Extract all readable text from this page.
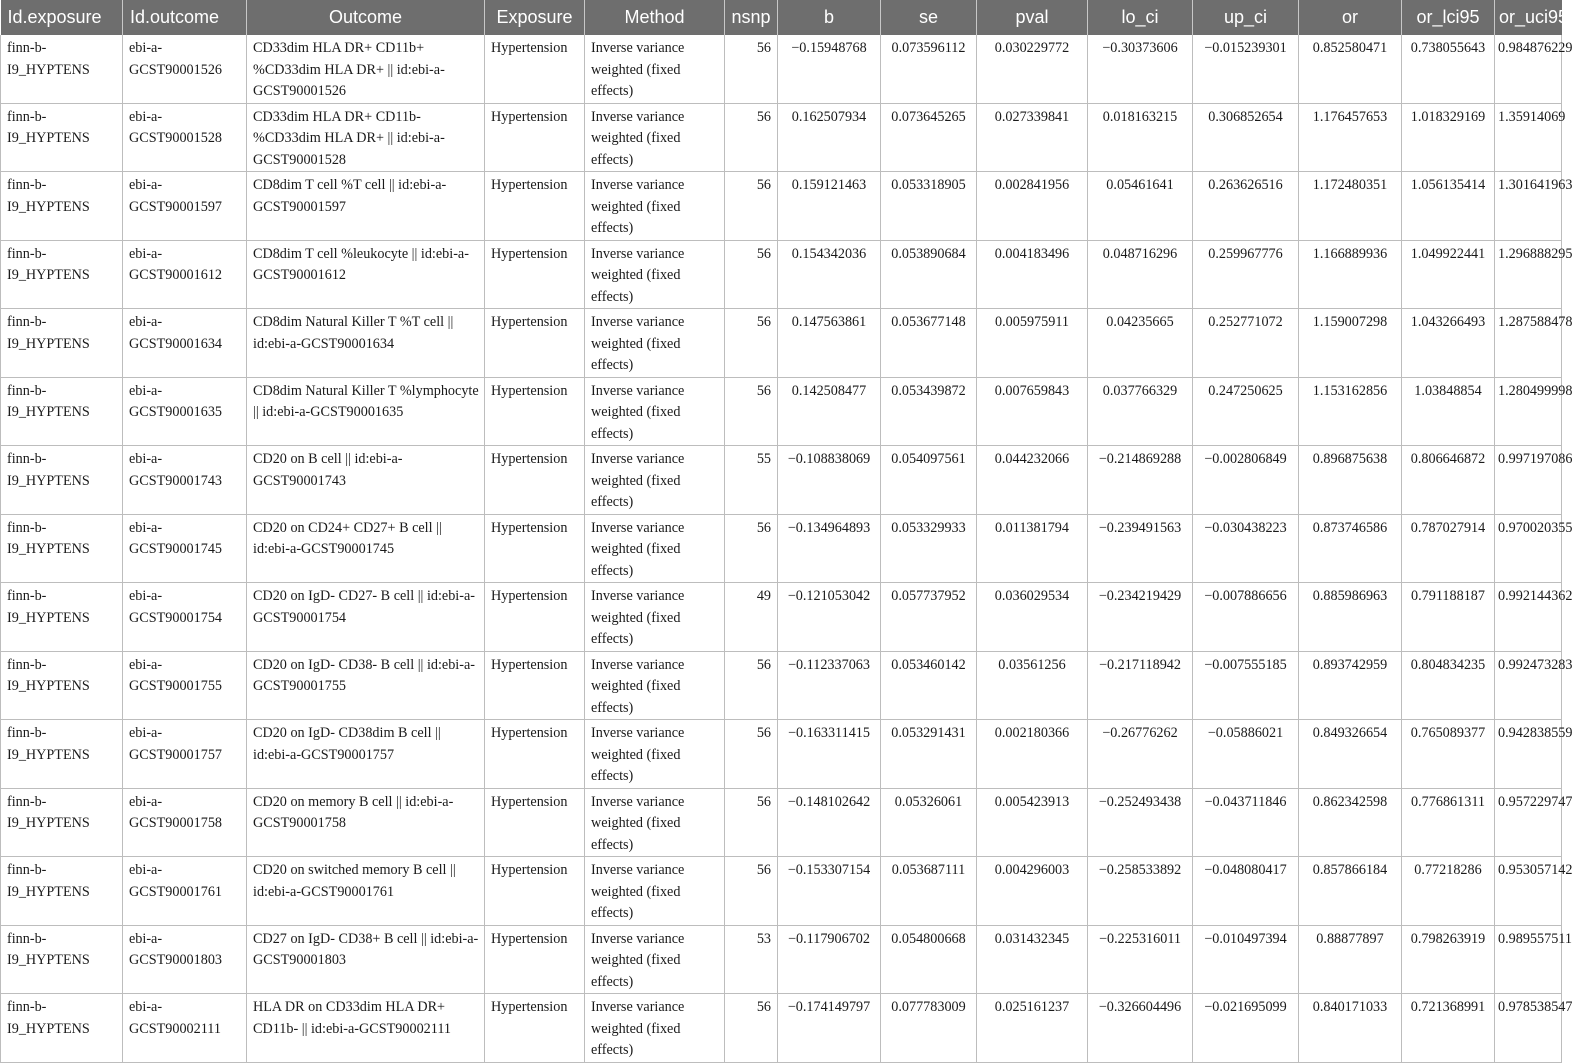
Id.exposure	Id.outcome	Outcome	Exposure	Method	nsnp	b	se	pval	lo_ci	up_ci	or	or_lci95	or_uci95
finn-b-I9_HYPTENS	ebi-a-GCST90001526	CD33dim HLA DR+ CD11b+ %CD33dim HLA DR+ || id:ebi-a-GCST90001526	Hypertension	Inverse variance weighted (fixed effects)	56	−0.15948768	0.073596112	0.030229772	−0.30373606	−0.015239301	0.852580471	0.738055643	0.984876229
finn-b-I9_HYPTENS	ebi-a-GCST90001528	CD33dim HLA DR+ CD11b- %CD33dim HLA DR+ || id:ebi-a-GCST90001528	Hypertension	Inverse variance weighted (fixed effects)	56	0.162507934	0.073645265	0.027339841	0.018163215	0.306852654	1.176457653	1.018329169	1.35914069
finn-b-I9_HYPTENS	ebi-a-GCST90001597	CD8dim T cell %T cell || id:ebi-a-GCST90001597	Hypertension	Inverse variance weighted (fixed effects)	56	0.159121463	0.053318905	0.002841956	0.05461641	0.263626516	1.172480351	1.056135414	1.301641963
finn-b-I9_HYPTENS	ebi-a-GCST90001612	CD8dim T cell %leukocyte || id:ebi-a-GCST90001612	Hypertension	Inverse variance weighted (fixed effects)	56	0.154342036	0.053890684	0.004183496	0.048716296	0.259967776	1.166889936	1.049922441	1.296888295
finn-b-I9_HYPTENS	ebi-a-GCST90001634	CD8dim Natural Killer T %T cell || id:ebi-a-GCST90001634	Hypertension	Inverse variance weighted (fixed effects)	56	0.147563861	0.053677148	0.005975911	0.04235665	0.252771072	1.159007298	1.043266493	1.287588478
finn-b-I9_HYPTENS	ebi-a-GCST90001635	CD8dim Natural Killer T %lymphocyte || id:ebi-a-GCST90001635	Hypertension	Inverse variance weighted (fixed effects)	56	0.142508477	0.053439872	0.007659843	0.037766329	0.247250625	1.153162856	1.03848854	1.280499998
finn-b-I9_HYPTENS	ebi-a-GCST90001743	CD20 on B cell || id:ebi-a-GCST90001743	Hypertension	Inverse variance weighted (fixed effects)	55	−0.108838069	0.054097561	0.044232066	−0.214869288	−0.002806849	0.896875638	0.806646872	0.997197086
finn-b-I9_HYPTENS	ebi-a-GCST90001745	CD20 on CD24+ CD27+ B cell || id:ebi-a-GCST90001745	Hypertension	Inverse variance weighted (fixed effects)	56	−0.134964893	0.053329933	0.011381794	−0.239491563	−0.030438223	0.873746586	0.787027914	0.970020355
finn-b-I9_HYPTENS	ebi-a-GCST90001754	CD20 on IgD- CD27- B cell || id:ebi-a-GCST90001754	Hypertension	Inverse variance weighted (fixed effects)	49	−0.121053042	0.057737952	0.036029534	−0.234219429	−0.007886656	0.885986963	0.791188187	0.992144362
finn-b-I9_HYPTENS	ebi-a-GCST90001755	CD20 on IgD- CD38- B cell || id:ebi-a-GCST90001755	Hypertension	Inverse variance weighted (fixed effects)	56	−0.112337063	0.053460142	0.03561256	−0.217118942	−0.007555185	0.893742959	0.804834235	0.992473283
finn-b-I9_HYPTENS	ebi-a-GCST90001757	CD20 on IgD- CD38dim B cell || id:ebi-a-GCST90001757	Hypertension	Inverse variance weighted (fixed effects)	56	−0.163311415	0.053291431	0.002180366	−0.26776262	−0.05886021	0.849326654	0.765089377	0.942838559
finn-b-I9_HYPTENS	ebi-a-GCST90001758	CD20 on memory B cell || id:ebi-a-GCST90001758	Hypertension	Inverse variance weighted (fixed effects)	56	−0.148102642	0.05326061	0.005423913	−0.252493438	−0.043711846	0.862342598	0.776861311	0.957229747
finn-b-I9_HYPTENS	ebi-a-GCST90001761	CD20 on switched memory B cell || id:ebi-a-GCST90001761	Hypertension	Inverse variance weighted (fixed effects)	56	−0.153307154	0.053687111	0.004296003	−0.258533892	−0.048080417	0.857866184	0.77218286	0.953057142
finn-b-I9_HYPTENS	ebi-a-GCST90001803	CD27 on IgD- CD38+ B cell || id:ebi-a-GCST90001803	Hypertension	Inverse variance weighted (fixed effects)	53	−0.117906702	0.054800668	0.031432345	−0.225316011	−0.010497394	0.88877897	0.798263919	0.989557511
finn-b-I9_HYPTENS	ebi-a-GCST90002111	HLA DR on CD33dim HLA DR+ CD11b- || id:ebi-a-GCST90002111	Hypertension	Inverse variance weighted (fixed effects)	56	−0.174149797	0.077783009	0.025161237	−0.326604496	−0.021695099	0.840171033	0.721368991	0.978538547
